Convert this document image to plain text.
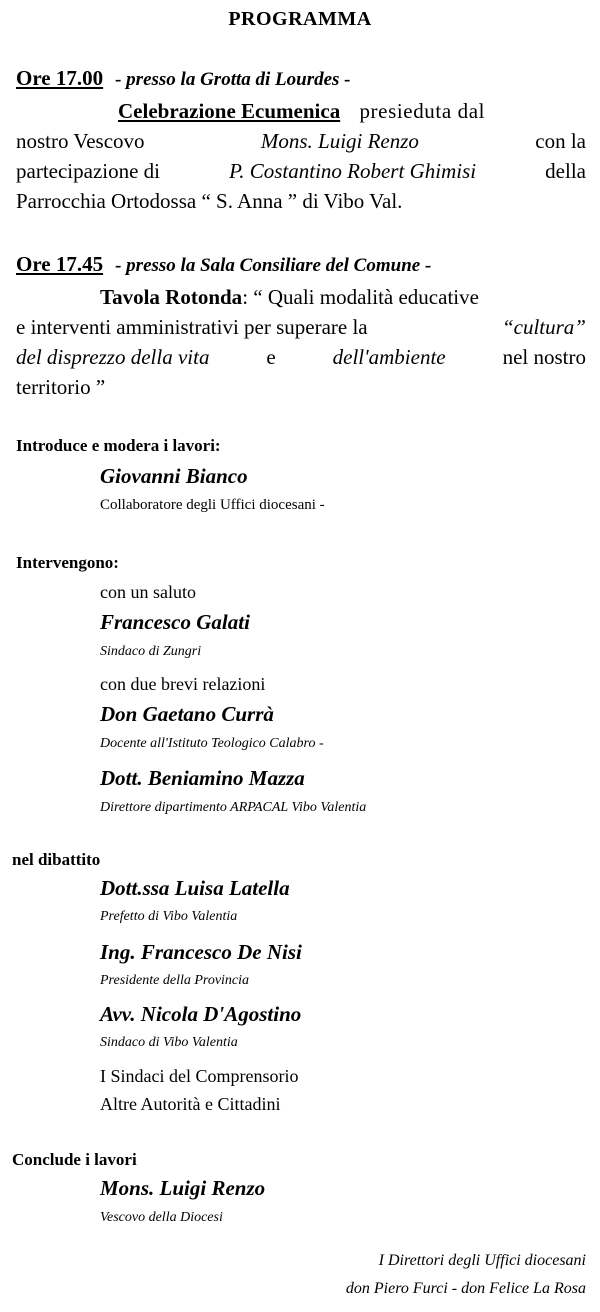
PROGRAMMA
Ore 17.00 - presso la Grotta di Lourdes -
Celebrazione Ecumenica presieduta dal
nostro Vescovo	Mons. Luigi Renzo	con la
partecipazione di	P. Costantino Robert Ghimisi	della
Parrocchia Ortodossa “ S. Anna ” di Vibo Val.
Ore 17.45 - presso la Sala Consiliare del Comune -
Tavola Rotonda: “ Quali modalità educative
e interventi amministrativi per superare la	“cultura”
del disprezzo della vita	e	dell'ambiente	nel nostro
territorio ”
Introduce e modera i lavori:
Giovanni Bianco
Collaboratore degli Uffici diocesani -
Intervengono:
con un saluto
Francesco Galati
Sindaco di Zungri
con due brevi relazioni
Don Gaetano Currà
Docente all'Istituto Teologico Calabro -
Dott. Beniamino Mazza
Direttore dipartimento ARPACAL Vibo Valentia
nel dibattito
Dott.ssa Luisa Latella
Prefetto di Vibo Valentia
Ing. Francesco De Nisi
Presidente della Provincia
Avv. Nicola D'Agostino
Sindaco di Vibo Valentia
I Sindaci del Comprensorio
Altre Autorità e Cittadini
Conclude i lavori
Mons. Luigi Renzo
Vescovo della Diocesi
I Direttori degli Uffici diocesani
don Piero Furci - don Felice La Rosa
